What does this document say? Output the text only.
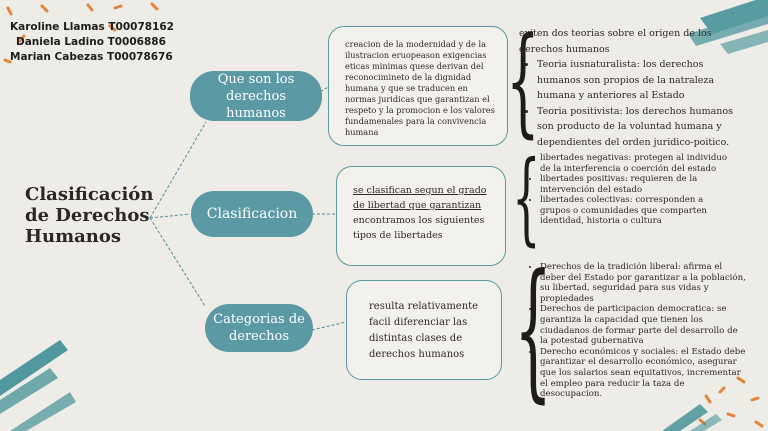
Karoline Llamas T00078162
Daniela Ladino T0006886
Marian Cabezas T00078676
Clasificación de Derechos Humanos
Que son los derechos humanos
creacion de la modernidad y de la ilustracion eruopeason exigencias eticas minimas quese derivan del reconocimineto de la dignidad humana y que se traducen en normas juridicas que garantizan el respeto y la promocion e los valores fundamenales para la convivencia humana	{
exiten dos teorias sobre el origen de los derechos humanos
• Teoria iusnaturalista: los derechos humanos son propios de la natraleza humana y anteriores al Estado
• Teoria positivista: los derechos humanos son producto de la voluntad humana y dependientes del orden juridico-poitico.
Clasificacion
se clasifican segun el grado de libertad que garantizan encontramos los siguientes tipos de libertades {
• libertades negativas: protegen al individuo de la interferencia o coerción del estado
• libertades positivas: requieren de la intervención del estado
• libertades colectivas: corresponden a grupos o comunidades que comparten identidad, historia o cultura
Categorias de derechos
resulta relativamente facil diferenciar las distintas clases de derechos humanos {
• Derechos de la tradición liberal: afirma el deber del Estado por garantizar a la población, su libertad, seguridad para sus vidas y propiedades
• Derechos de participacion democratica: se garantiza la capacidad que tienen los ciudadanos de formar parte del desarrollo de la potestad gubernativa
• Derecho económicos y sociales: el Estado debe garantizar el desarrollo económico, asegurar que los salarios sean equitativos, incrementar el empleo para reducir la taza de desocupacion.
